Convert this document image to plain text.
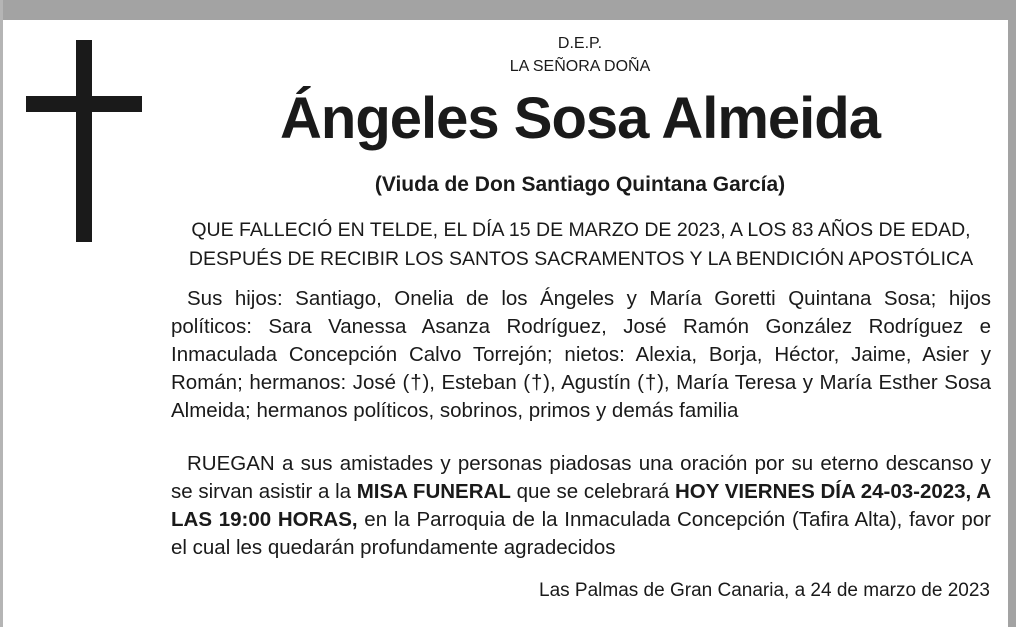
D.E.P.
LA SEÑORA DOÑA
Ángeles Sosa Almeida
(Viuda de Don Santiago Quintana García)
QUE FALLECIÓ EN TELDE, EL DÍA 15 DE MARZO DE 2023, A LOS 83 AÑOS DE EDAD,
DESPUÉS DE RECIBIR LOS SANTOS SACRAMENTOS Y LA BENDICIÓN APOSTÓLICA
Sus hijos: Santiago, Onelia de los Ángeles y María Goretti Quintana Sosa; hijos políticos: Sara Vanessa Asanza Rodríguez, José Ramón González Rodríguez e Inmaculada Concepción Calvo Torrejón; nietos: Alexia, Borja, Héctor, Jaime, Asier y Román; hermanos: José (†), Esteban (†), Agustín (†), María Teresa y María Esther Sosa Almeida; hermanos políticos, sobrinos, primos y demás familia
RUEGAN a sus amistades y personas piadosas una oración por su eterno descanso y se sirvan asistir a la MISA FUNERAL que se celebrará HOY VIERNES DÍA 24-03-2023, A LAS 19:00 HORAS, en la Parroquia de la Inmaculada Concepción (Tafira Alta), favor por el cual les quedarán profundamente agradecidos
Las Palmas de Gran Canaria, a 24 de marzo de 2023
